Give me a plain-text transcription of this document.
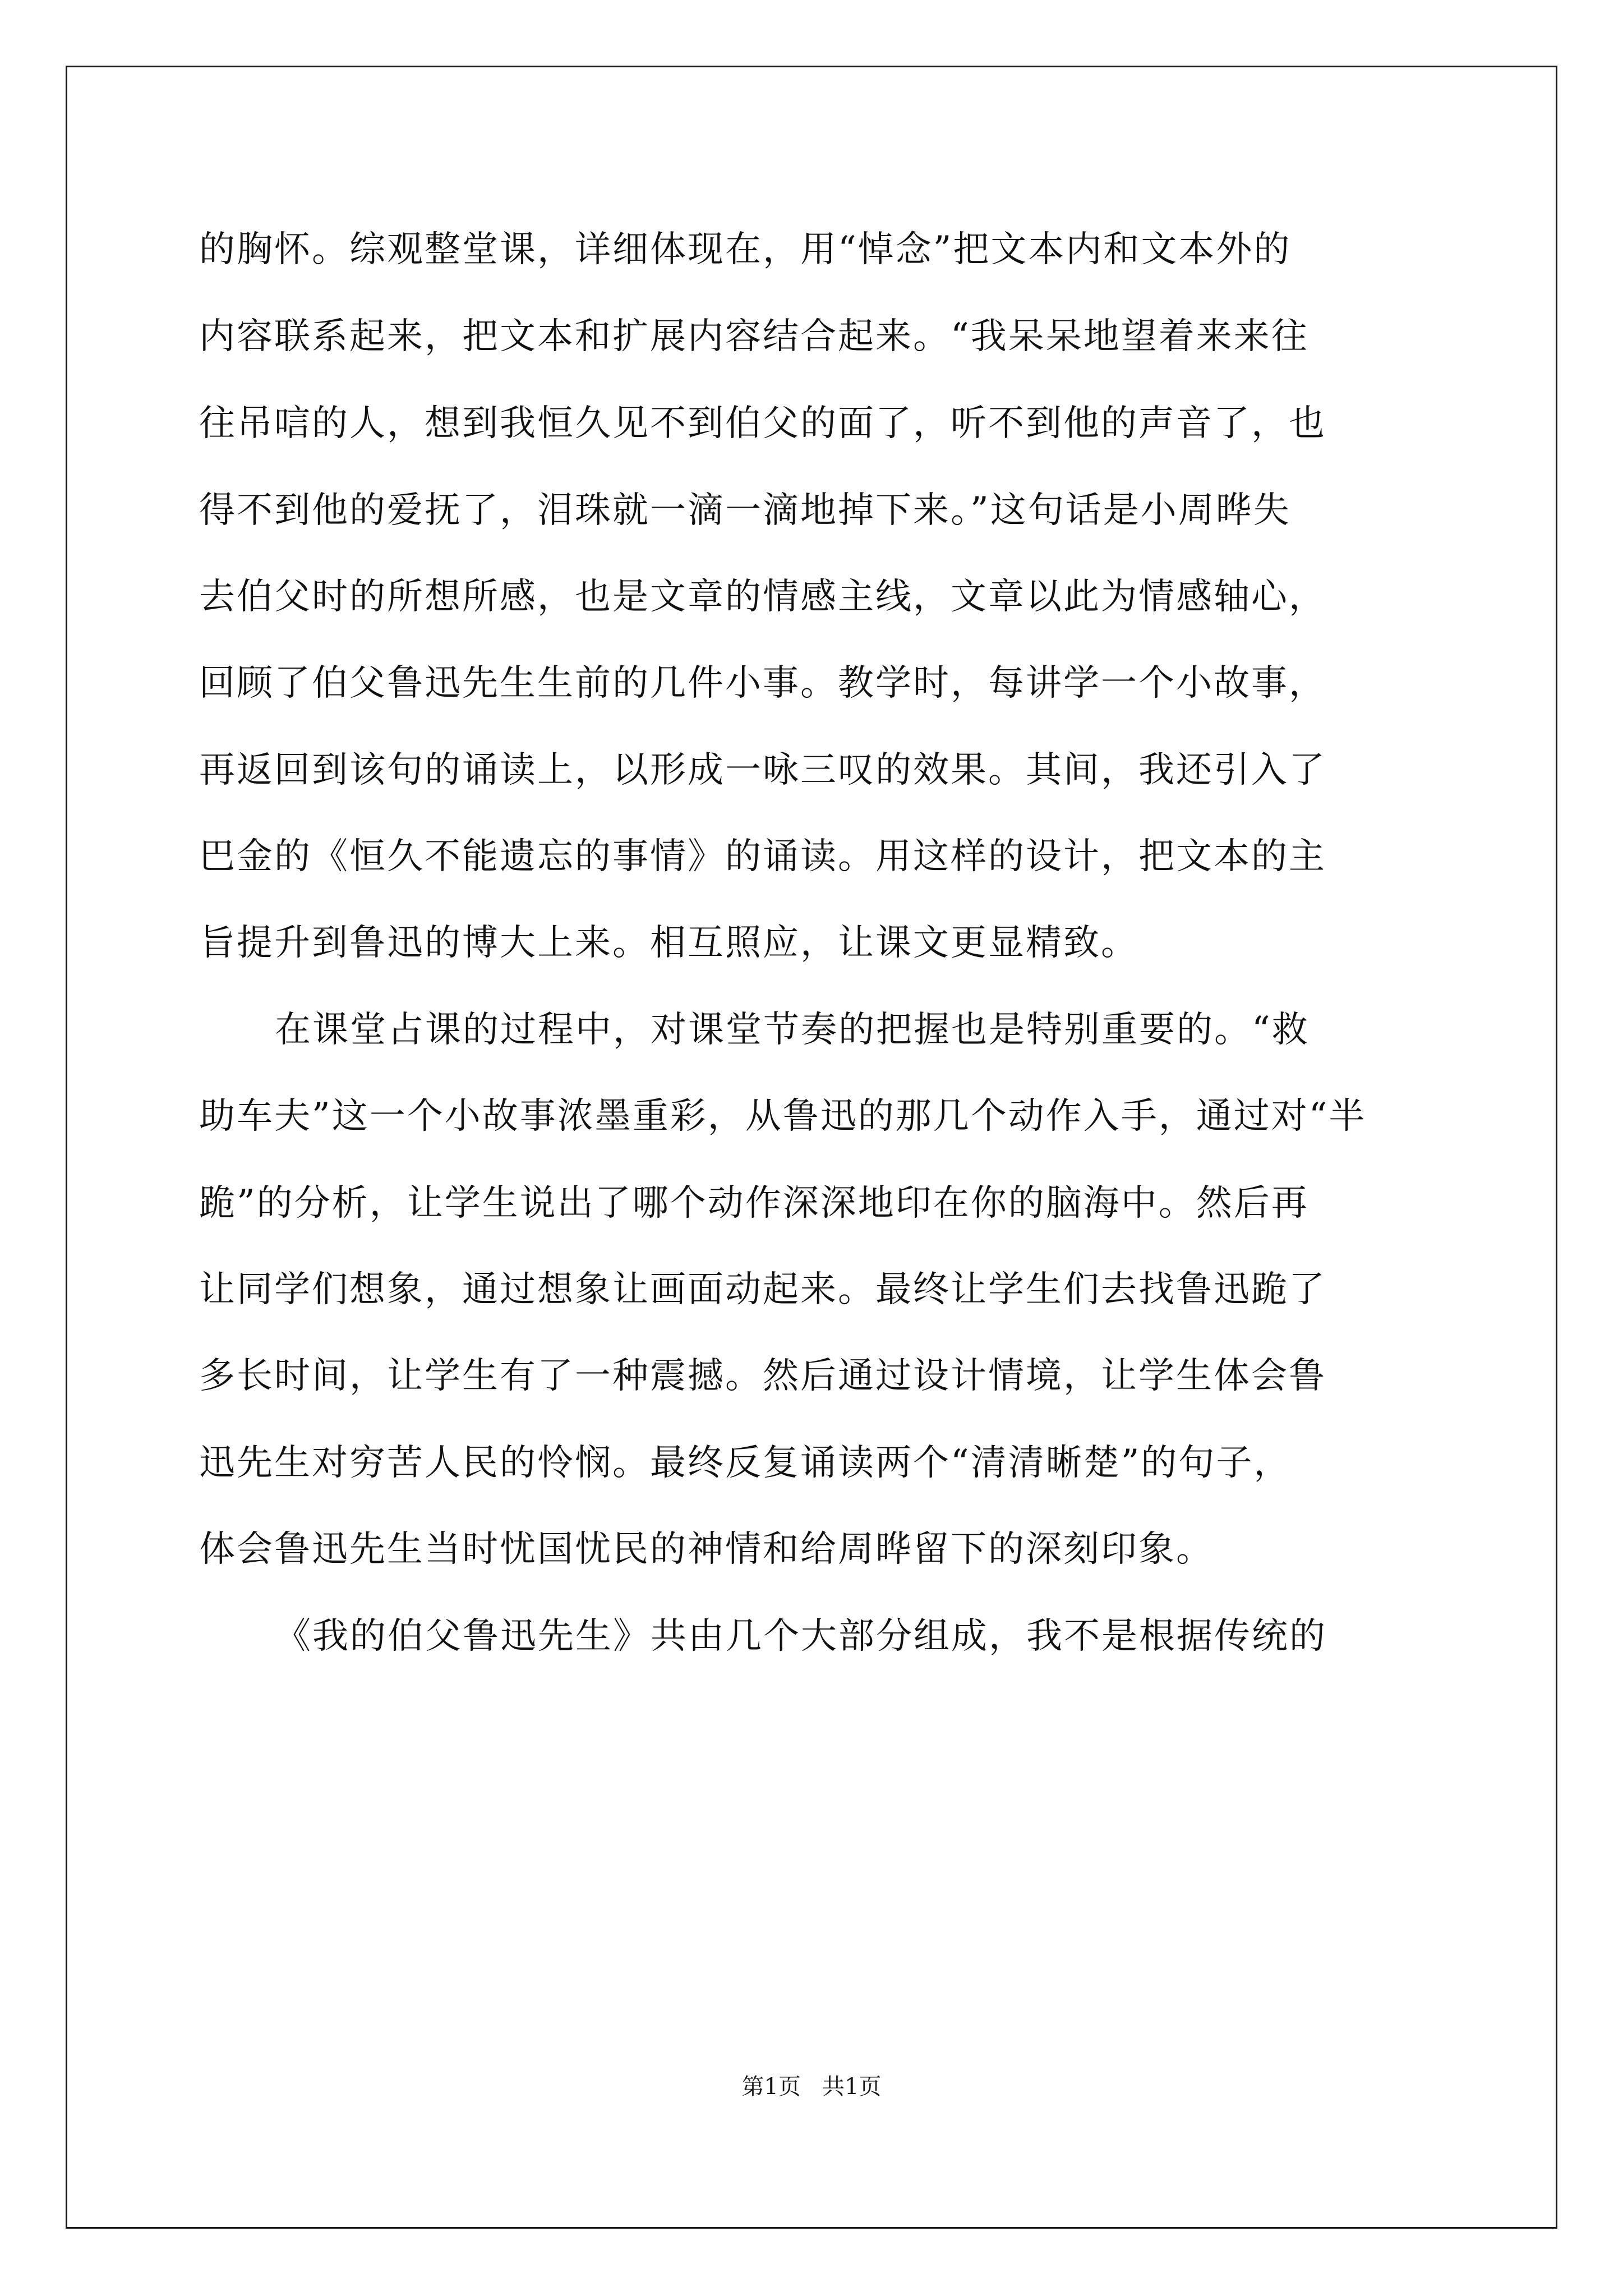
的胸怀。综观整堂课，详细体现在，用“悼念”把文本内和文本外的
内容联系起来，把文本和扩展内容结合起来。“我呆呆地望着来来往
往吊唁的人，想到我恒久见不到伯父的面了，听不到他的声音了，也
得不到他的爱抚了，泪珠就一滴一滴地掉下来。”这句话是小周晔失
去伯父时的所想所感，也是文章的情感主线，文章以此为情感轴心，
回顾了伯父鲁迅先生生前的几件小事。教学时，每讲学一个小故事，
再返回到该句的诵读上，以形成一咏三叹的效果。其间，我还引入了
巴金的《恒久不能遗忘的事情》的诵读。用这样的设计，把文本的主
旨提升到鲁迅的博大上来。相互照应，让课文更显精致。
在课堂占课的过程中，对课堂节奏的把握也是特别重要的。“救
助车夫”这一个小故事浓墨重彩，从鲁迅的那几个动作入手，通过对“半
跪”的分析，让学生说出了哪个动作深深地印在你的脑海中。然后再
让同学们想象，通过想象让画面动起来。最终让学生们去找鲁迅跪了
多长时间，让学生有了一种震撼。然后通过设计情境，让学生体会鲁
迅先生对穷苦人民的怜悯。最终反复诵读两个“清清晰楚”的句子，
体会鲁迅先生当时忧国忧民的神情和给周晔留下的深刻印象。
《我的伯父鲁迅先生》共由几个大部分组成，我不是根据传统的
第1页   共1页
